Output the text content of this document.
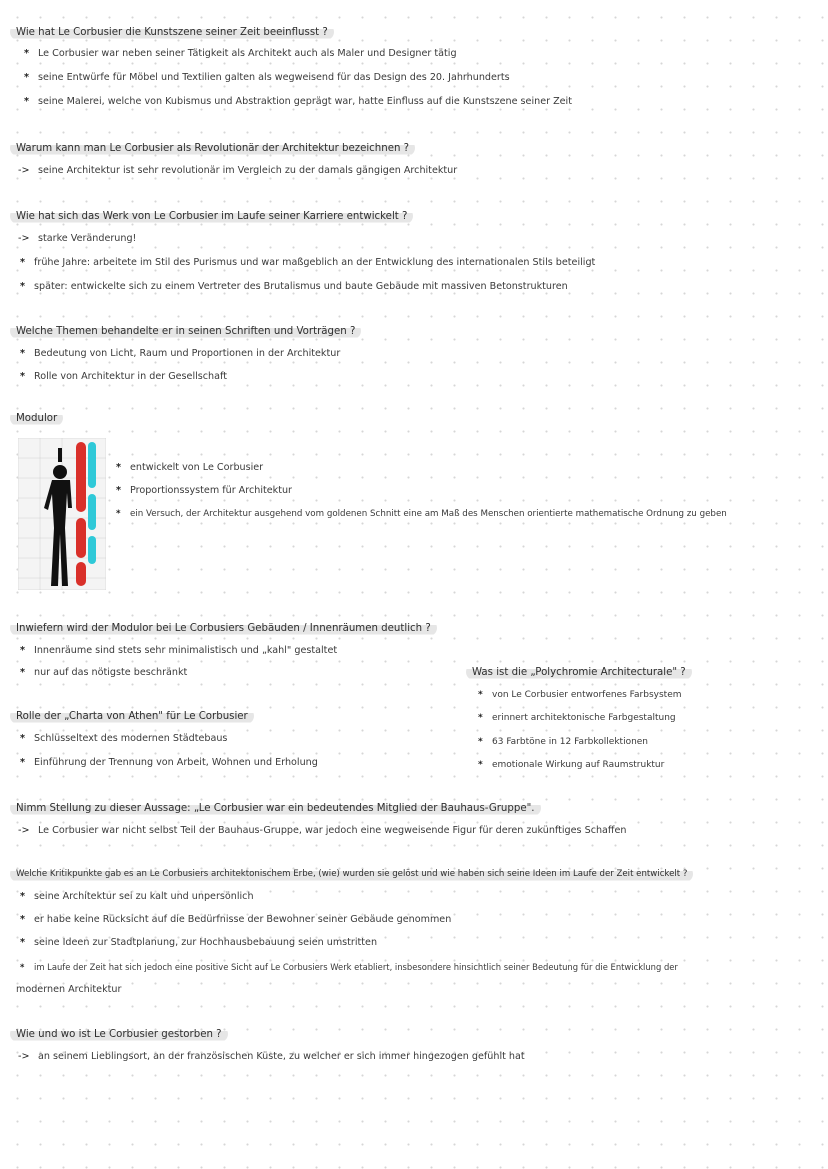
Wie hat Le Corbusier die Kunstszene seiner Zeit beeinflusst ?
* Le Corbusier war neben seiner Tätigkeit als Architekt auch als Maler und Designer tätig
* seine Entwürfe für Möbel und Textilien galten als wegweisend für das Design des 20. Jahrhunderts
* seine Malerei, welche von Kubismus und Abstraktion geprägt war, hatte Einfluss auf die Kunstszene seiner Zeit
Warum kann man Le Corbusier als Revolutionär der Architektur bezeichnen ?
-> seine Architektur ist sehr revolutionär im Vergleich zu der damals gängigen Architektur
Wie hat sich das Werk von Le Corbusier im Laufe seiner Karriere entwickelt ?
-> starke Veränderung!
* frühe Jahre: arbeitete im Stil des Purismus und war maßgeblich an der Entwicklung des internationalen Stils beteiligt
* später: entwickelte sich zu einem Vertreter des Brutalismus und baute Gebäude mit massiven Betonstrukturen
Welche Themen behandelte er in seinen Schriften und Vorträgen ?
* Bedeutung von Licht, Raum und Proportionen in der Architektur
* Rolle von Architektur in der Gesellschaft
Modulor
* entwickelt von Le Corbusier
* Proportionssystem für Architektur
* ein Versuch, der Architektur ausgehend vom goldenen Schnitt eine am Maß des Menschen orientierte mathematische Ordnung zu geben
Inwiefern wird der Modulor bei Le Corbusiers Gebäuden / Innenräumen deutlich ?
* Innenräume sind stets sehr minimalistisch und „kahl" gestaltet
* nur auf das nötigste beschränkt
Rolle der „Charta von Athen" für Le Corbusier
* Schlüsseltext des modernen Städtebaus
* Einführung der Trennung von Arbeit, Wohnen und Erholung
Was ist die „Polychromie Architecturale" ?
* von Le Corbusier entworfenes Farbsystem
* erinnert architektonische Farbgestaltung
* 63 Farbtöne in 12 Farbkollektionen
* emotionale Wirkung auf Raumstruktur
Nimm Stellung zu dieser Aussage: „Le Corbusier war ein bedeutendes Mitglied der Bauhaus-Gruppe".
-> Le Corbusier war nicht selbst Teil der Bauhaus-Gruppe, war jedoch eine wegweisende Figur für deren zukünftiges Schaffen
Welche Kritikpunkte gab es an Le Corbusiers architektonischem Erbe, (wie) wurden sie gelöst und wie haben sich seine Ideen im Laufe der Zeit entwickelt ?
* seine Architektur sei zu kalt und unpersönlich
* er habe keine Rücksicht auf die Bedürfnisse der Bewohner seiner Gebäude genommen
* seine Ideen zur Stadtplanung, zur Hochhausbebauung seien umstritten
* im Laufe der Zeit hat sich jedoch eine positive Sicht auf Le Corbusiers Werk etabliert, insbesondere hinsichtlich seiner Bedeutung für die Entwicklung der
modernen Architektur
Wie und wo ist Le Corbusier gestorben ?
-> an seinem Lieblingsort, an der französischen Küste, zu welcher er sich immer hingezogen gefühlt hat
